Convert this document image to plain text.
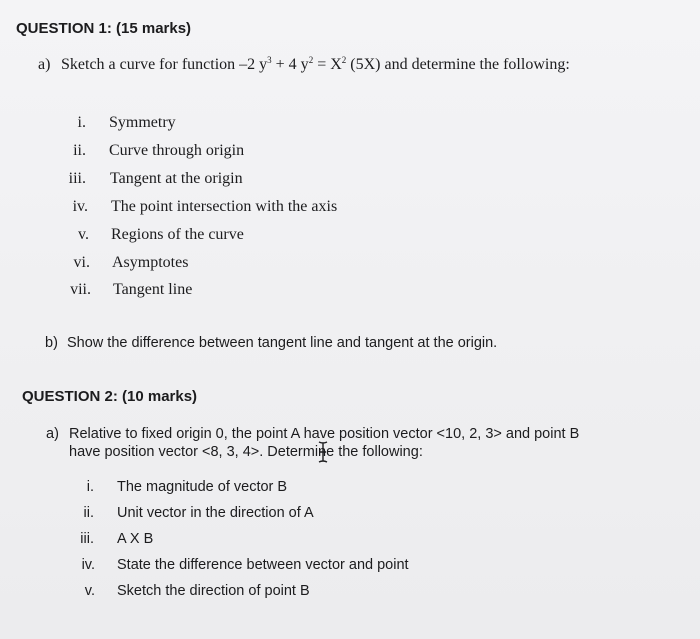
QUESTION 1: (15 marks)
a) Sketch a curve for function –2 $y^3 + 4$ $y^2 = X^2$ (5X) and determine the following:
i. Symmetry
ii. Curve through origin
iii. Tangent at the origin
iv. The point intersection with the axis
v. Regions of the curve
vi. Asymptotes
vii. Tangent line
b) Show the difference between tangent line and tangent at the origin.
QUESTION 2: (10 marks)
a) Relative to fixed origin 0, the point A have position vector <10, 2, 3> and point B
have position vector <8, 3, 4>. Determine the following:
i. The magnitude of vector B
ii. Unit vector in the direction of A
iii. A X B
iv. State the difference between vector and point
v. Sketch the direction of point B
